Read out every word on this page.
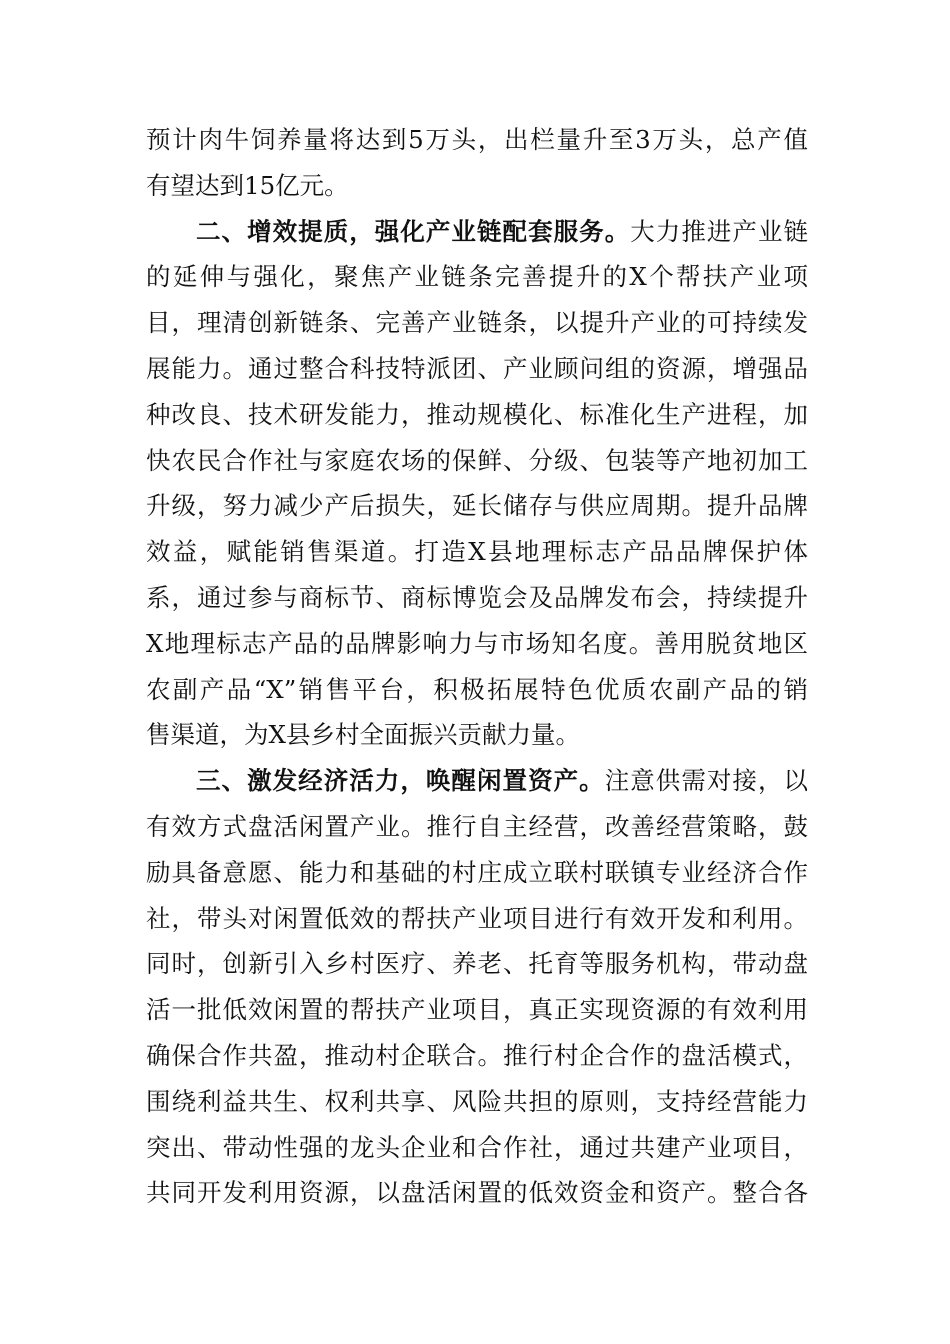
预计肉牛饲养量将达到5万头，出栏量升至3万头，总产值
有望达到15亿元。
二、增效提质，强化产业链配套服务。大力推进产业链
的延伸与强化，聚焦产业链条完善提升的X个帮扶产业项
目，理清创新链条、完善产业链条，以提升产业的可持续发
展能力。通过整合科技特派团、产业顾问组的资源，增强品
种改良、技术研发能力，推动规模化、标准化生产进程，加
快农民合作社与家庭农场的保鲜、分级、包装等产地初加工
升级，努力减少产后损失，延长储存与供应周期。提升品牌
效益，赋能销售渠道。打造X县地理标志产品品牌保护体
系，通过参与商标节、商标博览会及品牌发布会，持续提升
X地理标志产品的品牌影响力与市场知名度。善用脱贫地区
农副产品“X”销售平台，积极拓展特色优质农副产品的销
售渠道，为X县乡村全面振兴贡献力量。
三、激发经济活力，唤醒闲置资产。注意供需对接，以
有效方式盘活闲置产业。推行自主经营，改善经营策略，鼓
励具备意愿、能力和基础的村庄成立联村联镇专业经济合作
社，带头对闲置低效的帮扶产业项目进行有效开发和利用。
同时，创新引入乡村医疗、养老、托育等服务机构，带动盘
活一批低效闲置的帮扶产业项目，真正实现资源的有效利用
确保合作共盈，推动村企联合。推行村企合作的盘活模式，
围绕利益共生、权利共享、风险共担的原则，支持经营能力
突出、带动性强的龙头企业和合作社，通过共建产业项目，
共同开发利用资源，以盘活闲置的低效资金和资产。整合各
